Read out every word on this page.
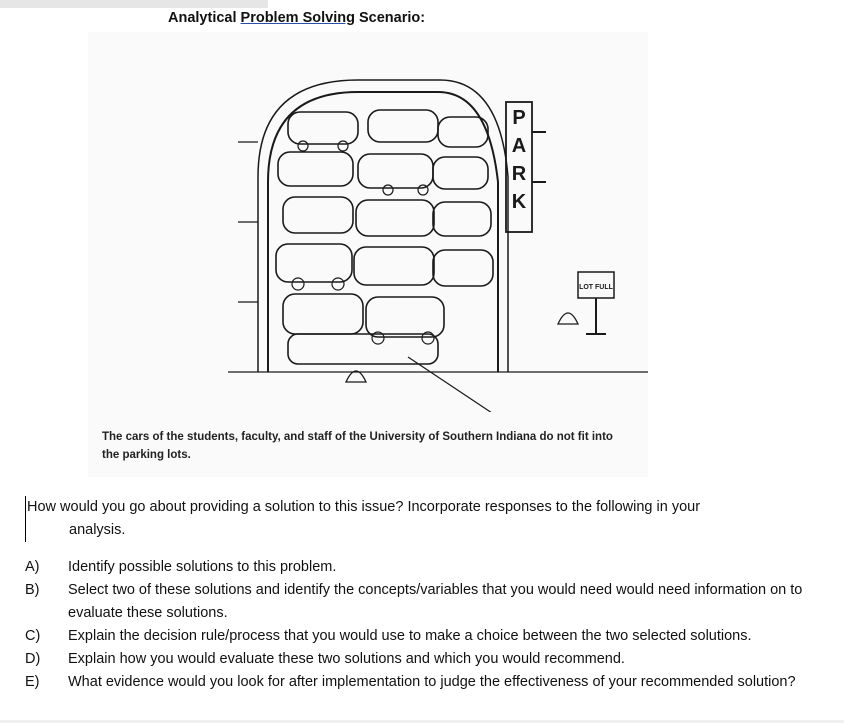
Analytical Problem Solving Scenario:
P
A
R
K
LOT FULL
The cars of the students, faculty, and staff of the University of Southern Indiana do not fit into
the parking lots.
How would you go about providing a solution to this issue? Incorporate responses to the following in your
analysis.
A)	Identify possible solutions to this problem.
B)	Select two of these solutions and identify the concepts/variables that you would need would need information on to evaluate these solutions.
C)	Explain the decision rule/process that you would use to make a choice between the two selected solutions.
D)	Explain how you would evaluate these two solutions and which you would recommend.
E)	What evidence would you look for after implementation to judge the effectiveness of your recommended solution?
